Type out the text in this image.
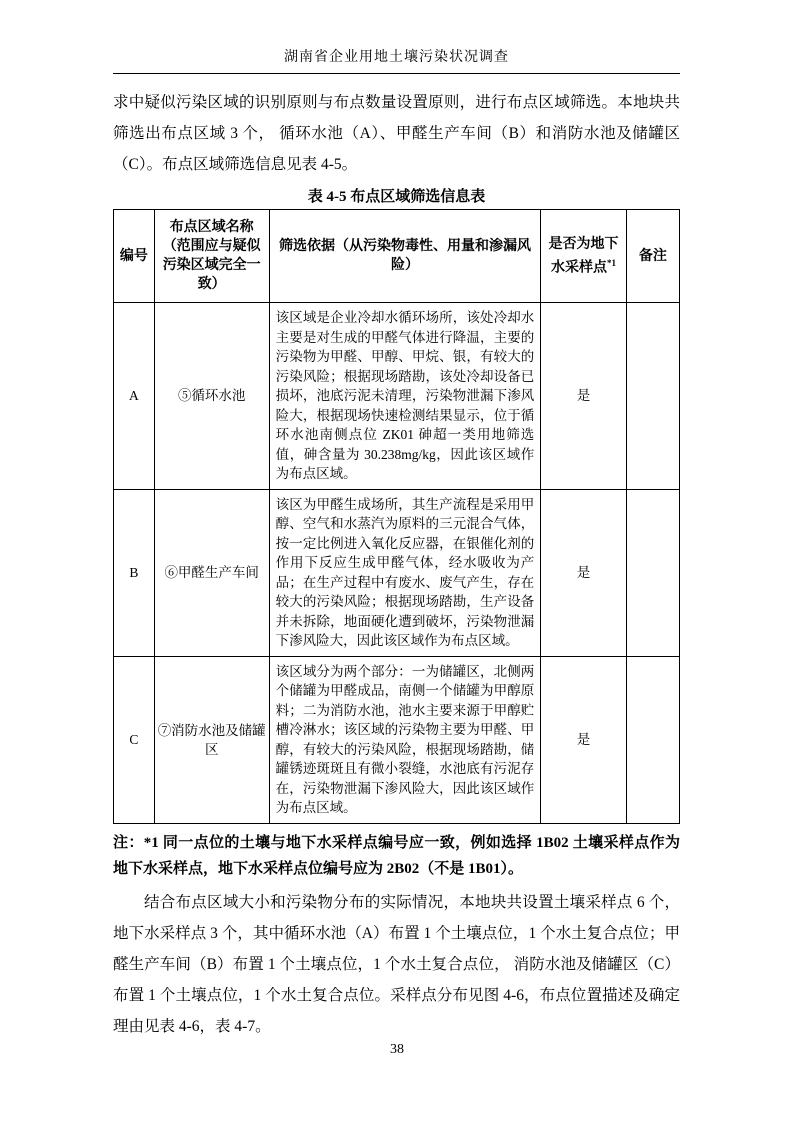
湖南省企业用地土壤污染状况调查

求中疑似污染区域的识别原则与布点数量设置原则，进行布点区域筛选。本地块共筛选出布点区域 3 个， 循环水池（A）、甲醛生产车间（B）和消防水池及储罐区（C）。布点区域筛选信息见表 4-5。

表 4-5 布点区域筛选信息表

编号	布点区域名称（范围应与疑似污染区域完全一致）	筛选依据（从污染物毒性、用量和渗漏风险）	是否为地下水采样点$^{*1}$	备注
A	⑤循环水池	该区域是企业冷却水循环场所，该处冷却水主要是对生成的甲醛气体进行降温，主要的污染物为甲醛、甲醇、甲烷、银，有较大的污染风险；根据现场踏勘，该处冷却设备已损坏，池底污泥未清理，污染物泄漏下渗风险大，根据现场快速检测结果显示，位于循环水池南侧点位 ZK01 砷超一类用地筛选值，砷含量为 30.238mg/kg，因此该区域作为布点区域。	是	
B	⑥甲醛生产车间	该区为甲醛生成场所，其生产流程是采用甲醇、空气和水蒸汽为原料的三元混合气体，按一定比例进入氧化反应器，在银催化剂的作用下反应生成甲醛气体，经水吸收为产品；在生产过程中有废水、废气产生，存在较大的污染风险；根据现场踏勘，生产设备并未拆除，地面硬化遭到破坏，污染物泄漏下渗风险大，因此该区域作为布点区域。	是	
C	⑦消防水池及储罐区	该区域分为两个部分：一为储罐区，北侧两个储罐为甲醛成品，南侧一个储罐为甲醇原料；二为消防水池，池水主要来源于甲醇贮槽冷淋水；该区域的污染物主要为甲醛、甲醇，有较大的污染风险，根据现场踏勘，储罐锈迹斑斑且有微小裂缝，水池底有污泥存在，污染物泄漏下渗风险大，因此该区域作为布点区域。	是	

注：*1 同一点位的土壤与地下水采样点编号应一致，例如选择 1B02 土壤采样点作为地下水采样点，地下水采样点位编号应为 2B02（不是 1B01）。

结合布点区域大小和污染物分布的实际情况，本地块共设置土壤采样点 6 个，地下水采样点 3 个，其中循环水池（A）布置 1 个土壤点位，1 个水土复合点位；甲醛生产车间（B）布置 1 个土壤点位，1 个水土复合点位， 消防水池及储罐区（C）布置 1 个土壤点位，1 个水土复合点位。采样点分布见图 4-6，布点位置描述及确定理由见表 4-6，表 4-7。

38
